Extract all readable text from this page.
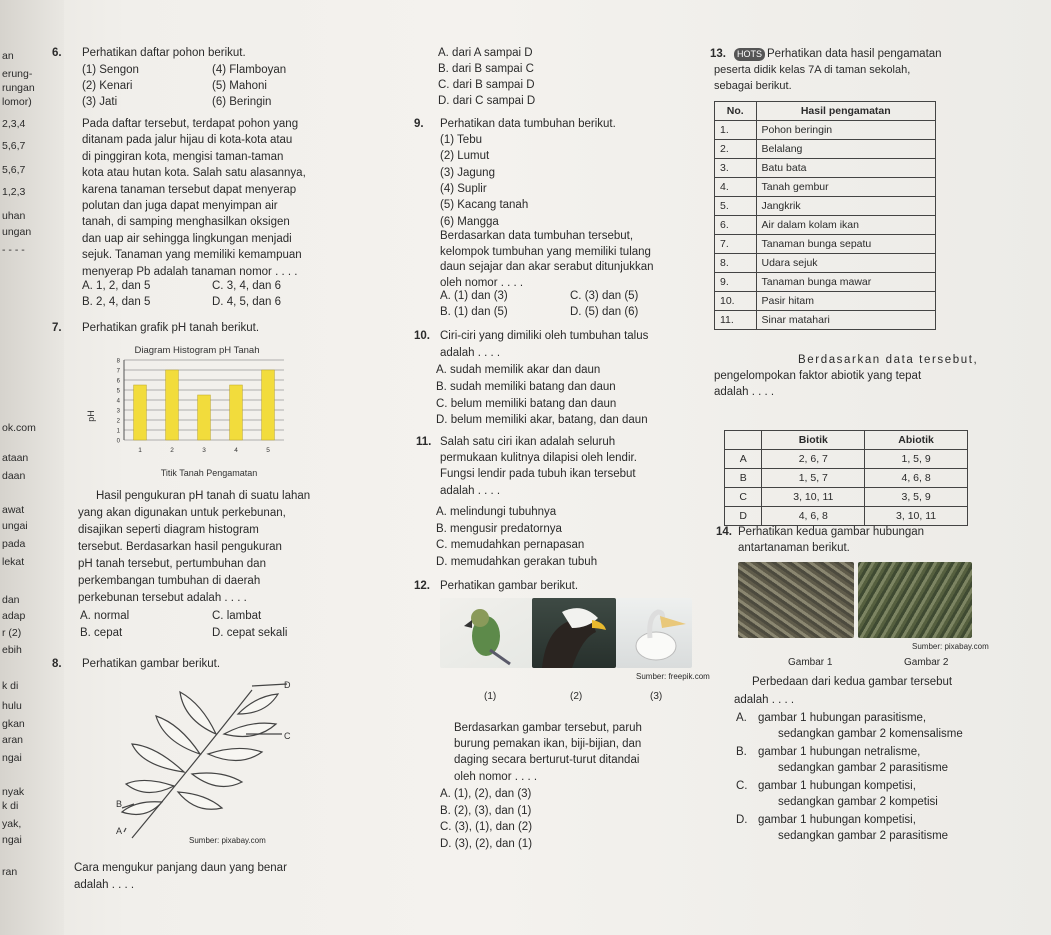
an
erung-
rungan
lomor)
2,3,4
5,6,7
5,6,7
1,2,3
uhan
ungan
- - - -
ok.com
ataan
daan
awat
ungai
pada
lekat
dan
adap
r (2)
ebih
k di
hulu
gkan
aran
ngai
nyak
k di
yak,
ngai
ran
6. Perhatikan daftar pohon berikut.
(1) Sengon
(2) Kenari
(3) Jati
(4) Flamboyan
(5) Mahoni
(6) Beringin
Pada daftar tersebut, terdapat pohon yang
ditanam pada jalur hijau di kota-kota atau
di pinggiran kota, mengisi taman-taman
kota atau hutan kota. Salah satu alasannya,
karena tanaman tersebut dapat menyerap
polutan dan juga dapat menyimpan air
tanah, di samping menghasilkan oksigen
dan uap air sehingga lingkungan menjadi
sejuk. Tanaman yang memiliki kemampuan
menyerap Pb adalah tanaman nomor . . . .
A. 1, 2, dan 5	C. 3, 4, dan 6
B. 2, 4, dan 5	D. 4, 5, dan 6
7. Perhatikan grafik pH tanah berikut.
Diagram Histogram pH Tanah
Titik Tanah Pengamatan
pH
0
1
2
3
4
5
6
7
8
1	2	3	4	5
Hasil pengukuran pH tanah di suatu lahan
yang akan digunakan untuk perkebunan,
disajikan seperti diagram histogram
tersebut. Berdasarkan hasil pengukuran
pH tanah tersebut, pertumbuhan dan
perkembangan tumbuhan di daerah
perkebunan tersebut adalah . . . .
A. normal	C. lambat
B. cepat	D. cepat sekali
8. Perhatikan gambar berikut.
D
C
B
A
Sumber: pixabay.com
Cara mengukur panjang daun yang benar
adalah . . . .
A. dari A sampai D
B. dari B sampai C
C. dari B sampai D
D. dari C sampai D
9. Perhatikan data tumbuhan berikut.
(1) Tebu
(2) Lumut
(3) Jagung
(4) Suplir
(5) Kacang tanah
(6) Mangga
Berdasarkan data tumbuhan tersebut,
kelompok tumbuhan yang memiliki tulang
daun sejajar dan akar serabut ditunjukkan
oleh nomor . . . .
A. (1) dan (3)	C. (3) dan (5)
B. (1) dan (5)	D. (5) dan (6)
10. Ciri-ciri yang dimiliki oleh tumbuhan talus
adalah . . . .
A. sudah memilik akar dan daun
B. sudah memiliki batang dan daun
C. belum memiliki batang dan daun
D. belum memiliki akar, batang, dan daun
11. Salah satu ciri ikan adalah seluruh
permukaan kulitnya dilapisi oleh lendir.
Fungsi lendir pada tubuh ikan tersebut
adalah . . . .
A. melindungi tubuhnya
B. mengusir predatornya
C. memudahkan pernapasan
D. memudahkan gerakan tubuh
12. Perhatikan gambar berikut.
Sumber: freepik.com
(1)	(2)	(3)
Berdasarkan gambar tersebut, paruh
burung pemakan ikan, biji-bijian, dan
daging secara berturut-turut ditandai
oleh nomor . . . .
A. (1), (2), dan (3)
B. (2), (3), dan (1)
C. (3), (1), dan (2)
D. (3), (2), dan (1)
13.	HOTS Perhatikan data hasil pengamatan
peserta didik kelas 7A di taman sekolah,
sebagai berikut.
No.	Hasil pengamatan
1.	Pohon beringin
2.	Belalang
3.	Batu bata
4.	Tanah gembur
5.	Jangkrik
6.	Air dalam kolam ikan
7.	Tanaman bunga sepatu
8.	Udara sejuk
9.	Tanaman bunga mawar
10.	Pasir hitam
11.	Sinar matahari
Berdasarkan data tersebut,
pengelompokan faktor abiotik yang tepat
adalah . . . .
	Biotik	Abiotik
A	2, 6, 7	1, 5, 9
B	1, 5, 7	4, 6, 8
C	3, 10, 11	3, 5, 9
D	4, 6, 8	3, 10, 11
14. Perhatikan kedua gambar hubungan
antartanaman berikut.
Sumber: pixabay.com
Gambar 1	Gambar 2
Perbedaan dari kedua gambar tersebut
adalah . . . .
A. gambar 1 hubungan parasitisme,
sedangkan gambar 2 komensalisme
B. gambar 1 hubungan netralisme,
sedangkan gambar 2 parasitisme
C. gambar 1 hubungan kompetisi,
sedangkan gambar 2 kompetisi
D. gambar 1 hubungan kompetisi,
sedangkan gambar 2 parasitisme
